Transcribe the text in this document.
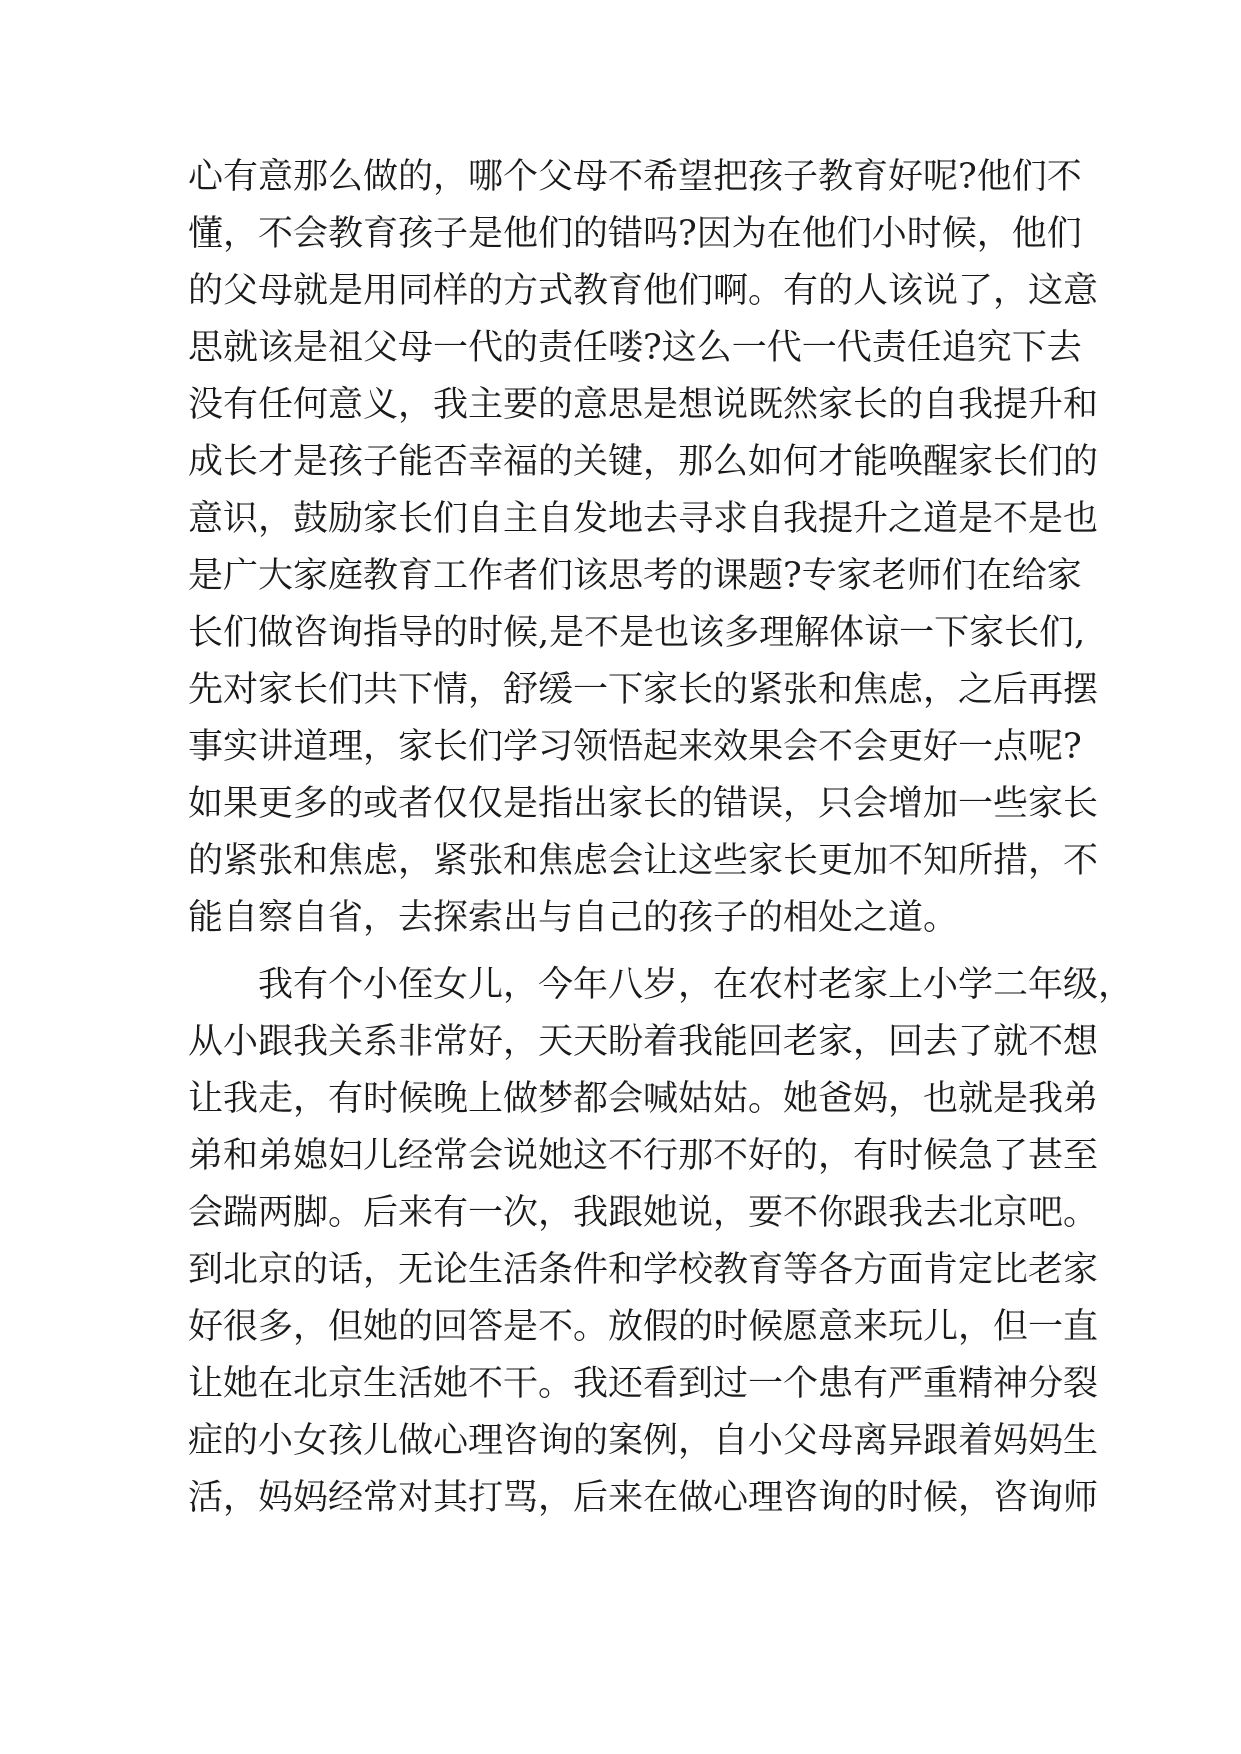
心有意那么做的，哪个父母不希望把孩子教育好呢?他们不
懂，不会教育孩子是他们的错吗?因为在他们小时候，他们
的父母就是用同样的方式教育他们啊。有的人该说了，这意
思就该是祖父母一代的责任喽?这么一代一代责任追究下去
没有任何意义，我主要的意思是想说既然家长的自我提升和
成长才是孩子能否幸福的关键，那么如何才能唤醒家长们的
意识，鼓励家长们自主自发地去寻求自我提升之道是不是也
是广大家庭教育工作者们该思考的课题?专家老师们在给家
长们做咨询指导的时候,是不是也该多理解体谅一下家长们,
先对家长们共下情，舒缓一下家长的紧张和焦虑，之后再摆
事实讲道理，家长们学习领悟起来效果会不会更好一点呢?
如果更多的或者仅仅是指出家长的错误，只会增加一些家长
的紧张和焦虑，紧张和焦虑会让这些家长更加不知所措，不
能自察自省，去探索出与自己的孩子的相处之道。
我有个小侄女儿，今年八岁，在农村老家上小学二年级，
从小跟我关系非常好，天天盼着我能回老家，回去了就不想
让我走，有时候晚上做梦都会喊姑姑。她爸妈，也就是我弟
弟和弟媳妇儿经常会说她这不行那不好的，有时候急了甚至
会踹两脚。后来有一次，我跟她说，要不你跟我去北京吧。
到北京的话，无论生活条件和学校教育等各方面肯定比老家
好很多，但她的回答是不。放假的时候愿意来玩儿，但一直
让她在北京生活她不干。我还看到过一个患有严重精神分裂
症的小女孩儿做心理咨询的案例，自小父母离异跟着妈妈生
活，妈妈经常对其打骂，后来在做心理咨询的时候，咨询师
